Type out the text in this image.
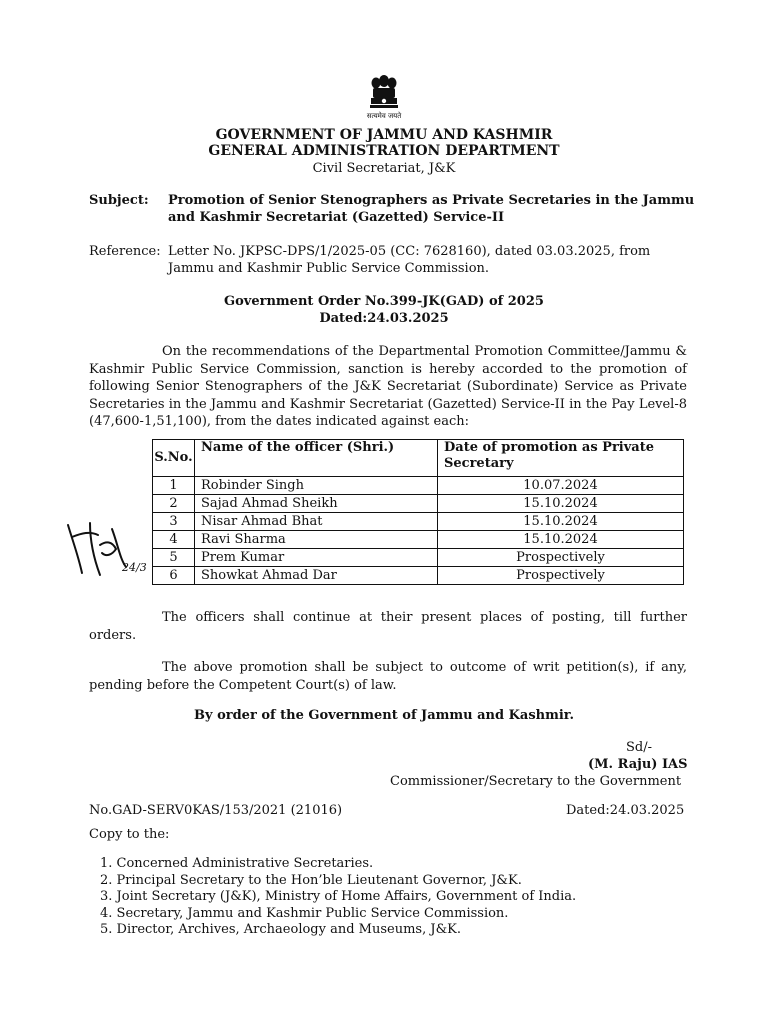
सत्यमेव जयते
GOVERNMENT OF JAMMU AND KASHMIR
GENERAL ADMINISTRATION DEPARTMENT
Civil Secretariat, J&K
Subject: Promotion of Senior Stenographers as Private Secretaries in the Jammu
and Kashmir Secretariat (Gazetted) Service-II
Reference: Letter No. JKPSC-DPS/1/2025-05 (CC: 7628160), dated 03.03.2025, from
Jammu and Kashmir Public Service Commission.
Government Order No.399-JK(GAD) of 2025
Dated:24.03.2025
On the recommendations of the Departmental Promotion Committee/Jammu & Kashmir Public Service Commission, sanction is hereby accorded to the promotion of following Senior Stenographers of the J&K Secretariat (Subordinate) Service as Private Secretaries in the Jammu and Kashmir Secretariat (Gazetted) Service-II in the Pay Level-8 (47,600-1,51,100), from the dates indicated against each:
S.No.	Name of the officer (Shri.)	Date of promotion as Private Secretary
1	Robinder Singh	10.07.2024
2	Sajad Ahmad Sheikh	15.10.2024
3	Nisar Ahmad Bhat	15.10.2024
4	Ravi Sharma	15.10.2024
5	Prem Kumar	Prospectively
6	Showkat Ahmad Dar	Prospectively
24/3
The officers shall continue at their present places of posting, till further orders.
The above promotion shall be subject to outcome of writ petition(s), if any, pending before the Competent Court(s) of law.
By order of the Government of Jammu and Kashmir.
Sd/-
(M. Raju) IAS
Commissioner/Secretary to the Government
No.GAD-SERV0KAS/153/2021 (21016)	Dated:24.03.2025
Copy to the:
1. Concerned Administrative Secretaries.
2. Principal Secretary to the Hon’ble Lieutenant Governor, J&K.
3. Joint Secretary (J&K), Ministry of Home Affairs, Government of India.
4. Secretary, Jammu and Kashmir Public Service Commission.
5. Director, Archives, Archaeology and Museums, J&K.
